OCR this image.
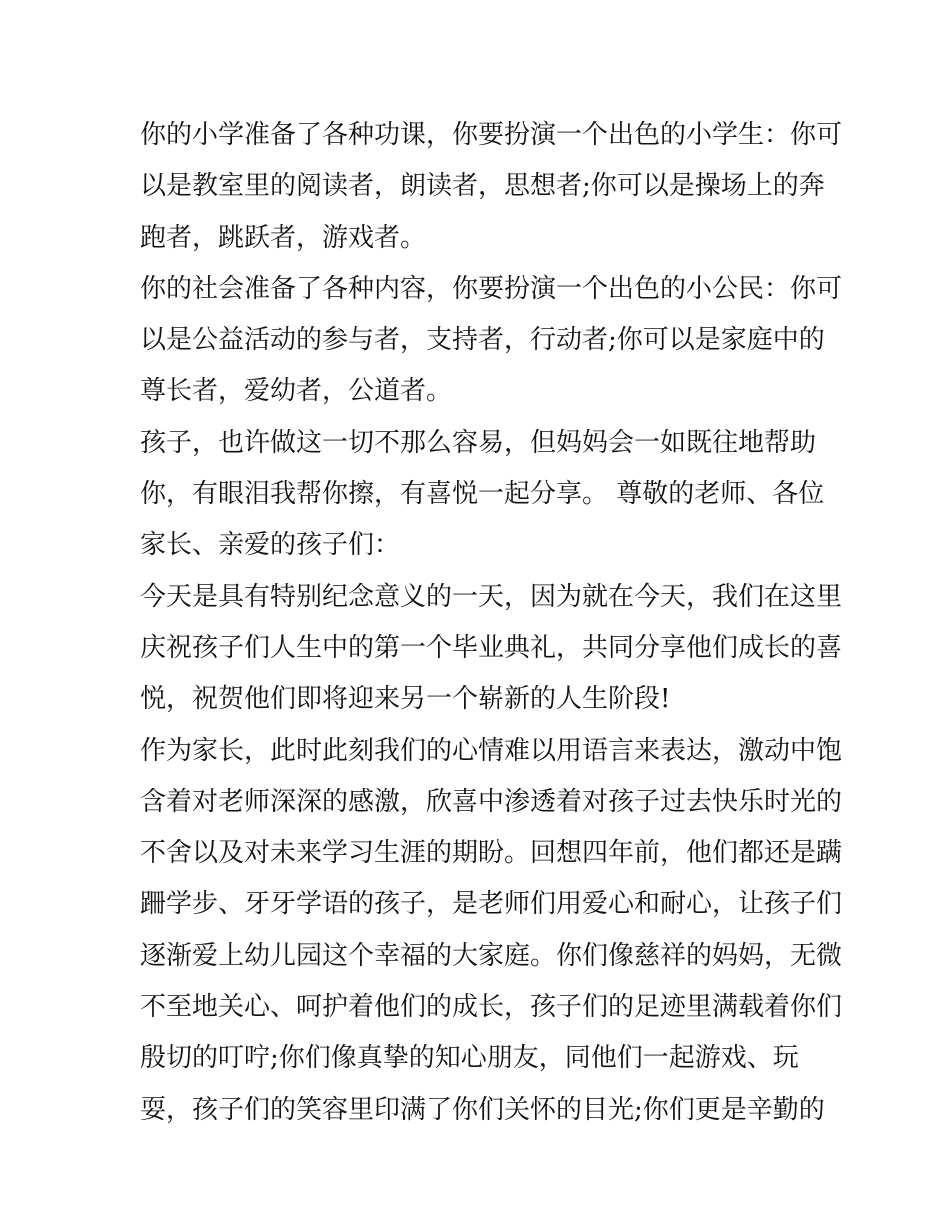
你的小学准备了各种功课，你要扮演一个出色的小学生：你可
以是教室里的阅读者，朗读者，思想者;你可以是操场上的奔
跑者，跳跃者，游戏者。
你的社会准备了各种内容，你要扮演一个出色的小公民：你可
以是公益活动的参与者，支持者，行动者;你可以是家庭中的
尊长者，爱幼者，公道者。
孩子，也许做这一切不那么容易，但妈妈会一如既往地帮助
你，有眼泪我帮你擦，有喜悦一起分享。 尊敬的老师、各位
家长、亲爱的孩子们：
今天是具有特别纪念意义的一天，因为就在今天，我们在这里
庆祝孩子们人生中的第一个毕业典礼，共同分享他们成长的喜
悦，祝贺他们即将迎来另一个崭新的人生阶段!
作为家长，此时此刻我们的心情难以用语言来表达，激动中饱
含着对老师深深的感激，欣喜中渗透着对孩子过去快乐时光的
不舍以及对未来学习生涯的期盼。回想四年前，他们都还是蹒
跚学步、牙牙学语的孩子，是老师们用爱心和耐心，让孩子们
逐渐爱上幼儿园这个幸福的大家庭。你们像慈祥的妈妈，无微
不至地关心、呵护着他们的成长，孩子们的足迹里满载着你们
殷切的叮咛;你们像真挚的知心朋友，同他们一起游戏、玩
耍，孩子们的笑容里印满了你们关怀的目光;你们更是辛勤的
